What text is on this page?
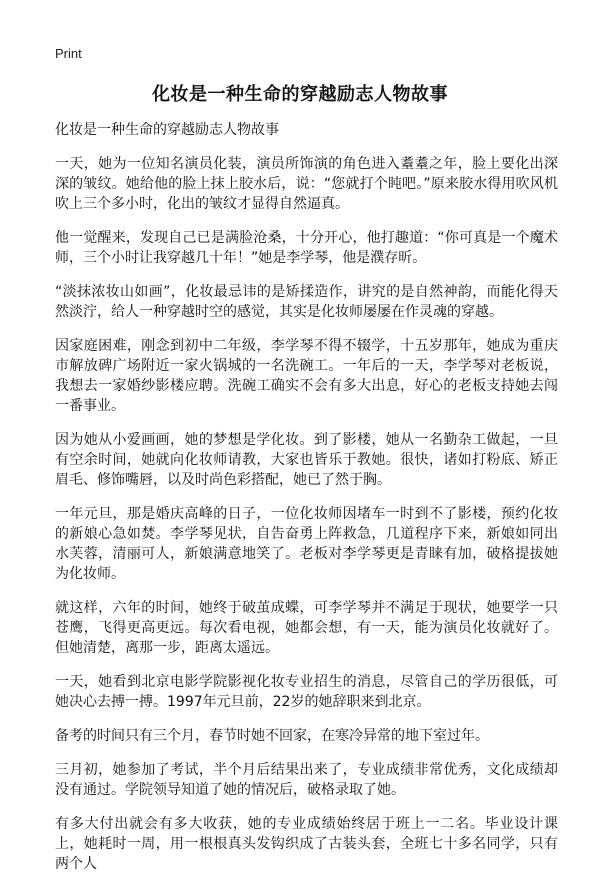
Print
化妆是一种生命的穿越励志人物故事
化妆是一种生命的穿越励志人物故事

一天，她为一位知名演员化装，演员所饰演的角色进入耋耋之年，脸上要化出深深的皱纹。她给他的脸上抹上胶水后，说：“您就打个盹吧。”原来胶水得用吹风机吹上三个多小时，化出的皱纹才显得自然逼真。

他一觉醒来，发现自己已是满脸沧桑，十分开心，他打趣道：“你可真是一个魔术师，三个小时让我穿越几十年！”她是李学琴，他是濮存昕。

“淡抹浓妆山如画”，化妆最忌讳的是矫揉造作，讲究的是自然神韵，而能化得天然淡泞，给人一种穿越时空的感觉，其实是化妆师屡屡在作灵魂的穿越。

因家庭困难，刚念到初中二年级，李学琴不得不辍学，十五岁那年，她成为重庆市解放碑广场附近一家火锅城的一名洗碗工。一年后的一天，李学琴对老板说，我想去一家婚纱影楼应聘。洗碗工确实不会有多大出息，好心的老板支持她去闯一番事业。

因为她从小爱画画，她的梦想是学化妆。到了影楼，她从一名勤杂工做起，一旦有空余时间，她就向化妆师请教，大家也皆乐于教她。很快，诸如打粉底、矫正眉毛、修饰嘴唇，以及时尚色彩搭配，她已了然于胸。

一年元旦，那是婚庆高峰的日子，一位化妆师因堵车一时到不了影楼，预约化妆的新娘心急如焚。李学琴见状，自告奋勇上阵救急，几道程序下来，新娘如同出水芙蓉，清丽可人，新娘满意地笑了。老板对李学琴更是青睐有加，破格提拔她为化妆师。

就这样，六年的时间，她终于破茧成蝶，可李学琴并不满足于现状，她要学一只苍鹰，飞得更高更远。每次看电视，她都会想，有一天，能为演员化妆就好了。但她清楚，离那一步，距离太遥远。

一天，她看到北京电影学院影视化妆专业招生的消息，尽管自己的学历很低，可她决心去搏一搏。1997年元旦前，22岁的她辞职来到北京。

备考的时间只有三个月，春节时她不回家，在寒冷异常的地下室过年。

三月初，她参加了考试，半个月后结果出来了，专业成绩非常优秀，文化成绩却没有通过。学院领导知道了她的情况后，破格录取了她。

有多大付出就会有多大收获，她的专业成绩始终居于班上一二名。毕业设计课上，她耗时一周，用一根根真头发钩织成了古装头套，全班七十多名同学，只有两个人
